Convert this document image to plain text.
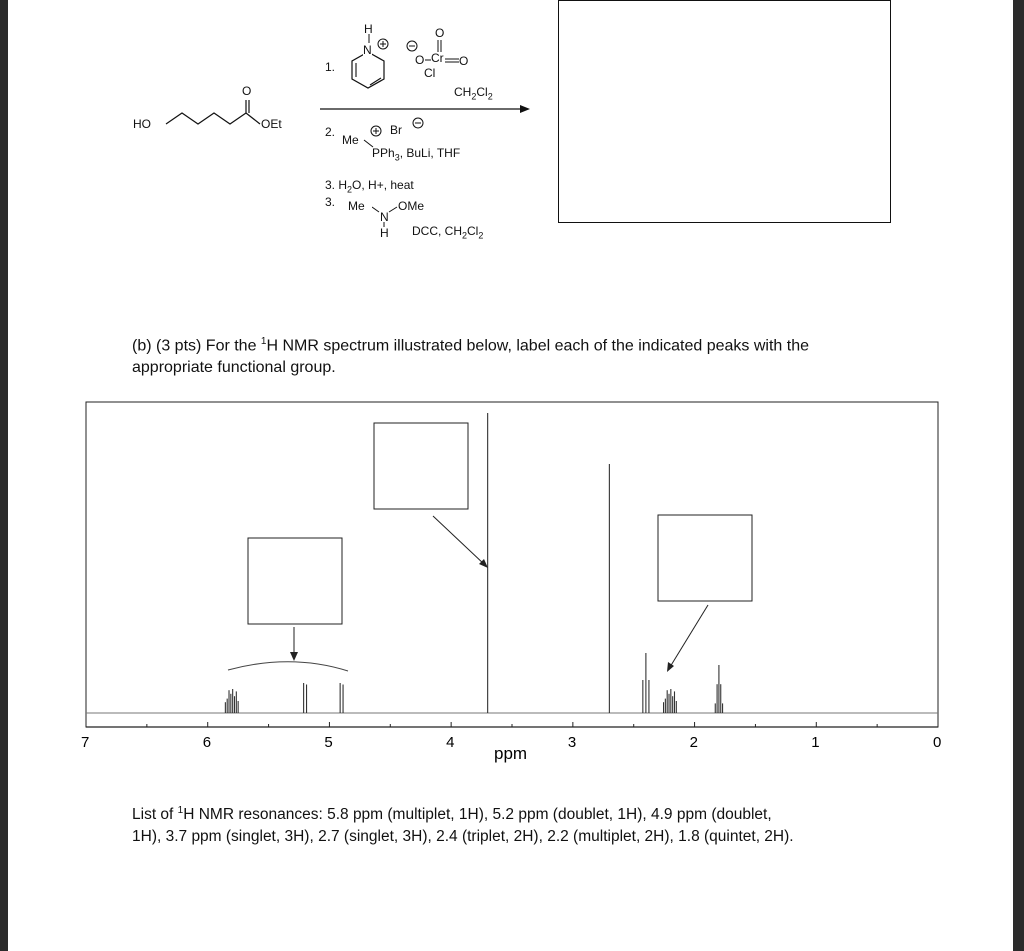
HO	OEt
O
1.
H
N
O
O Cr O
Cl
$CH_2Cl_2$
2.
Me
Br
PPh$_3$, BuLi, THF
3. $H_2O$, H+, heat
3. Me
N
OMe
H DCC, $CH_2Cl_2$
(b) (3 pts) For the $^1$H NMR spectrum illustrated below, label each of the indicated peaks with the
appropriate functional group.
7	6	5	4	3	2	1	0
ppm
List of $^1$H NMR resonances: 5.8 ppm (multiplet, 1H), 5.2 ppm (doublet, 1H), 4.9 ppm (doublet,
1H), 3.7 ppm (singlet, 3H), 2.7 (singlet, 3H), 2.4 (triplet, 2H), 2.2 (multiplet, 2H), 1.8 (quintet, 2H).
